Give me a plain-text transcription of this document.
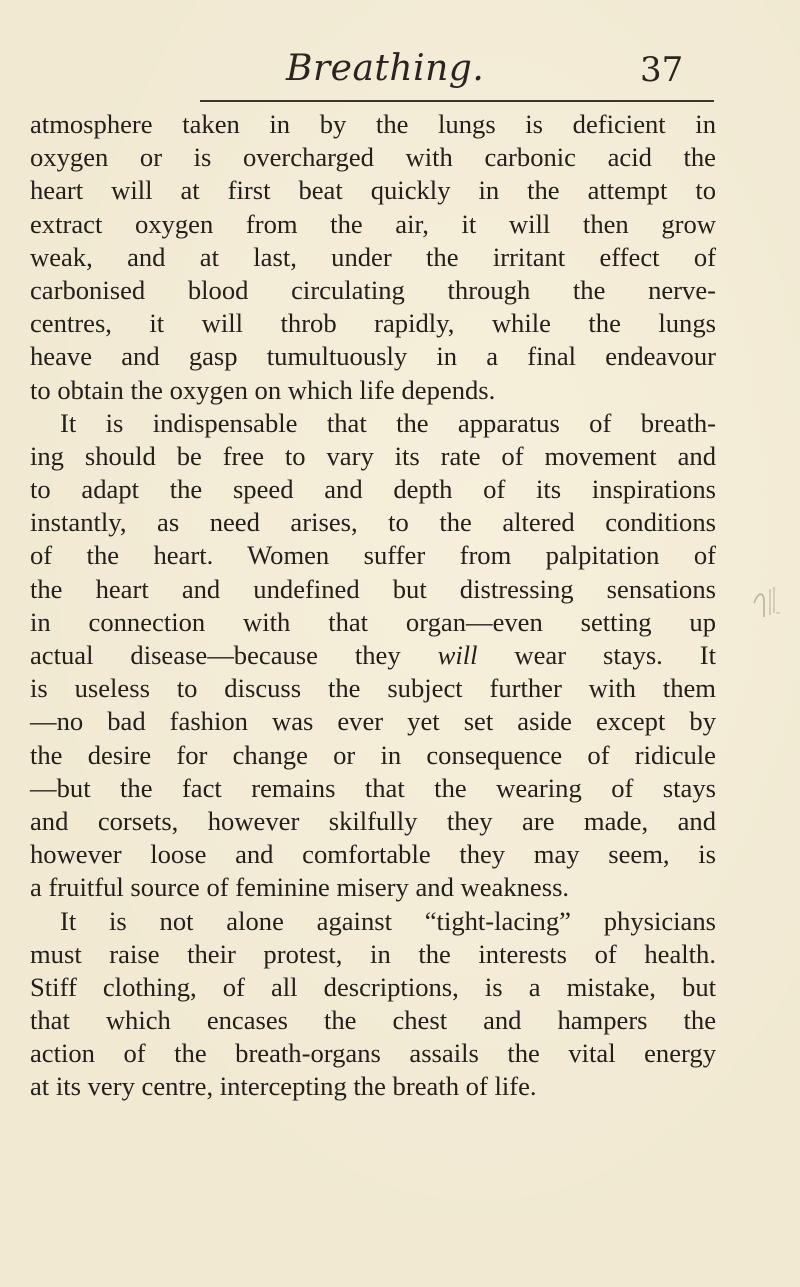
Breathing.	37
atmosphere taken in by the lungs is deficient in
oxygen or is overcharged with carbonic acid the
heart will at first beat quickly in the attempt to
extract oxygen from the air, it will then grow
weak, and at last, under the irritant effect of
carbonised blood circulating through the nerve-
centres, it will throb rapidly, while the lungs
heave and gasp tumultuously in a final endeavour
to obtain the oxygen on which life depends.
It is indispensable that the apparatus of breath-
ing should be free to vary its rate of movement and
to adapt the speed and depth of its inspirations
instantly, as need arises, to the altered conditions
of the heart. Women suffer from palpitation of
the heart and undefined but distressing sensations
in connection with that organ—even setting up
actual disease—because they will wear stays. It
is useless to discuss the subject further with them
—no bad fashion was ever yet set aside except by
the desire for change or in consequence of ridicule
—but the fact remains that the wearing of stays
and corsets, however skilfully they are made, and
however loose and comfortable they may seem, is
a fruitful source of feminine misery and weakness.
It is not alone against “tight-lacing” physicians
must raise their protest, in the interests of health.
Stiff clothing, of all descriptions, is a mistake, but
that which encases the chest and hampers the
action of the breath-organs assails the vital energy
at its very centre, intercepting the breath of life.
